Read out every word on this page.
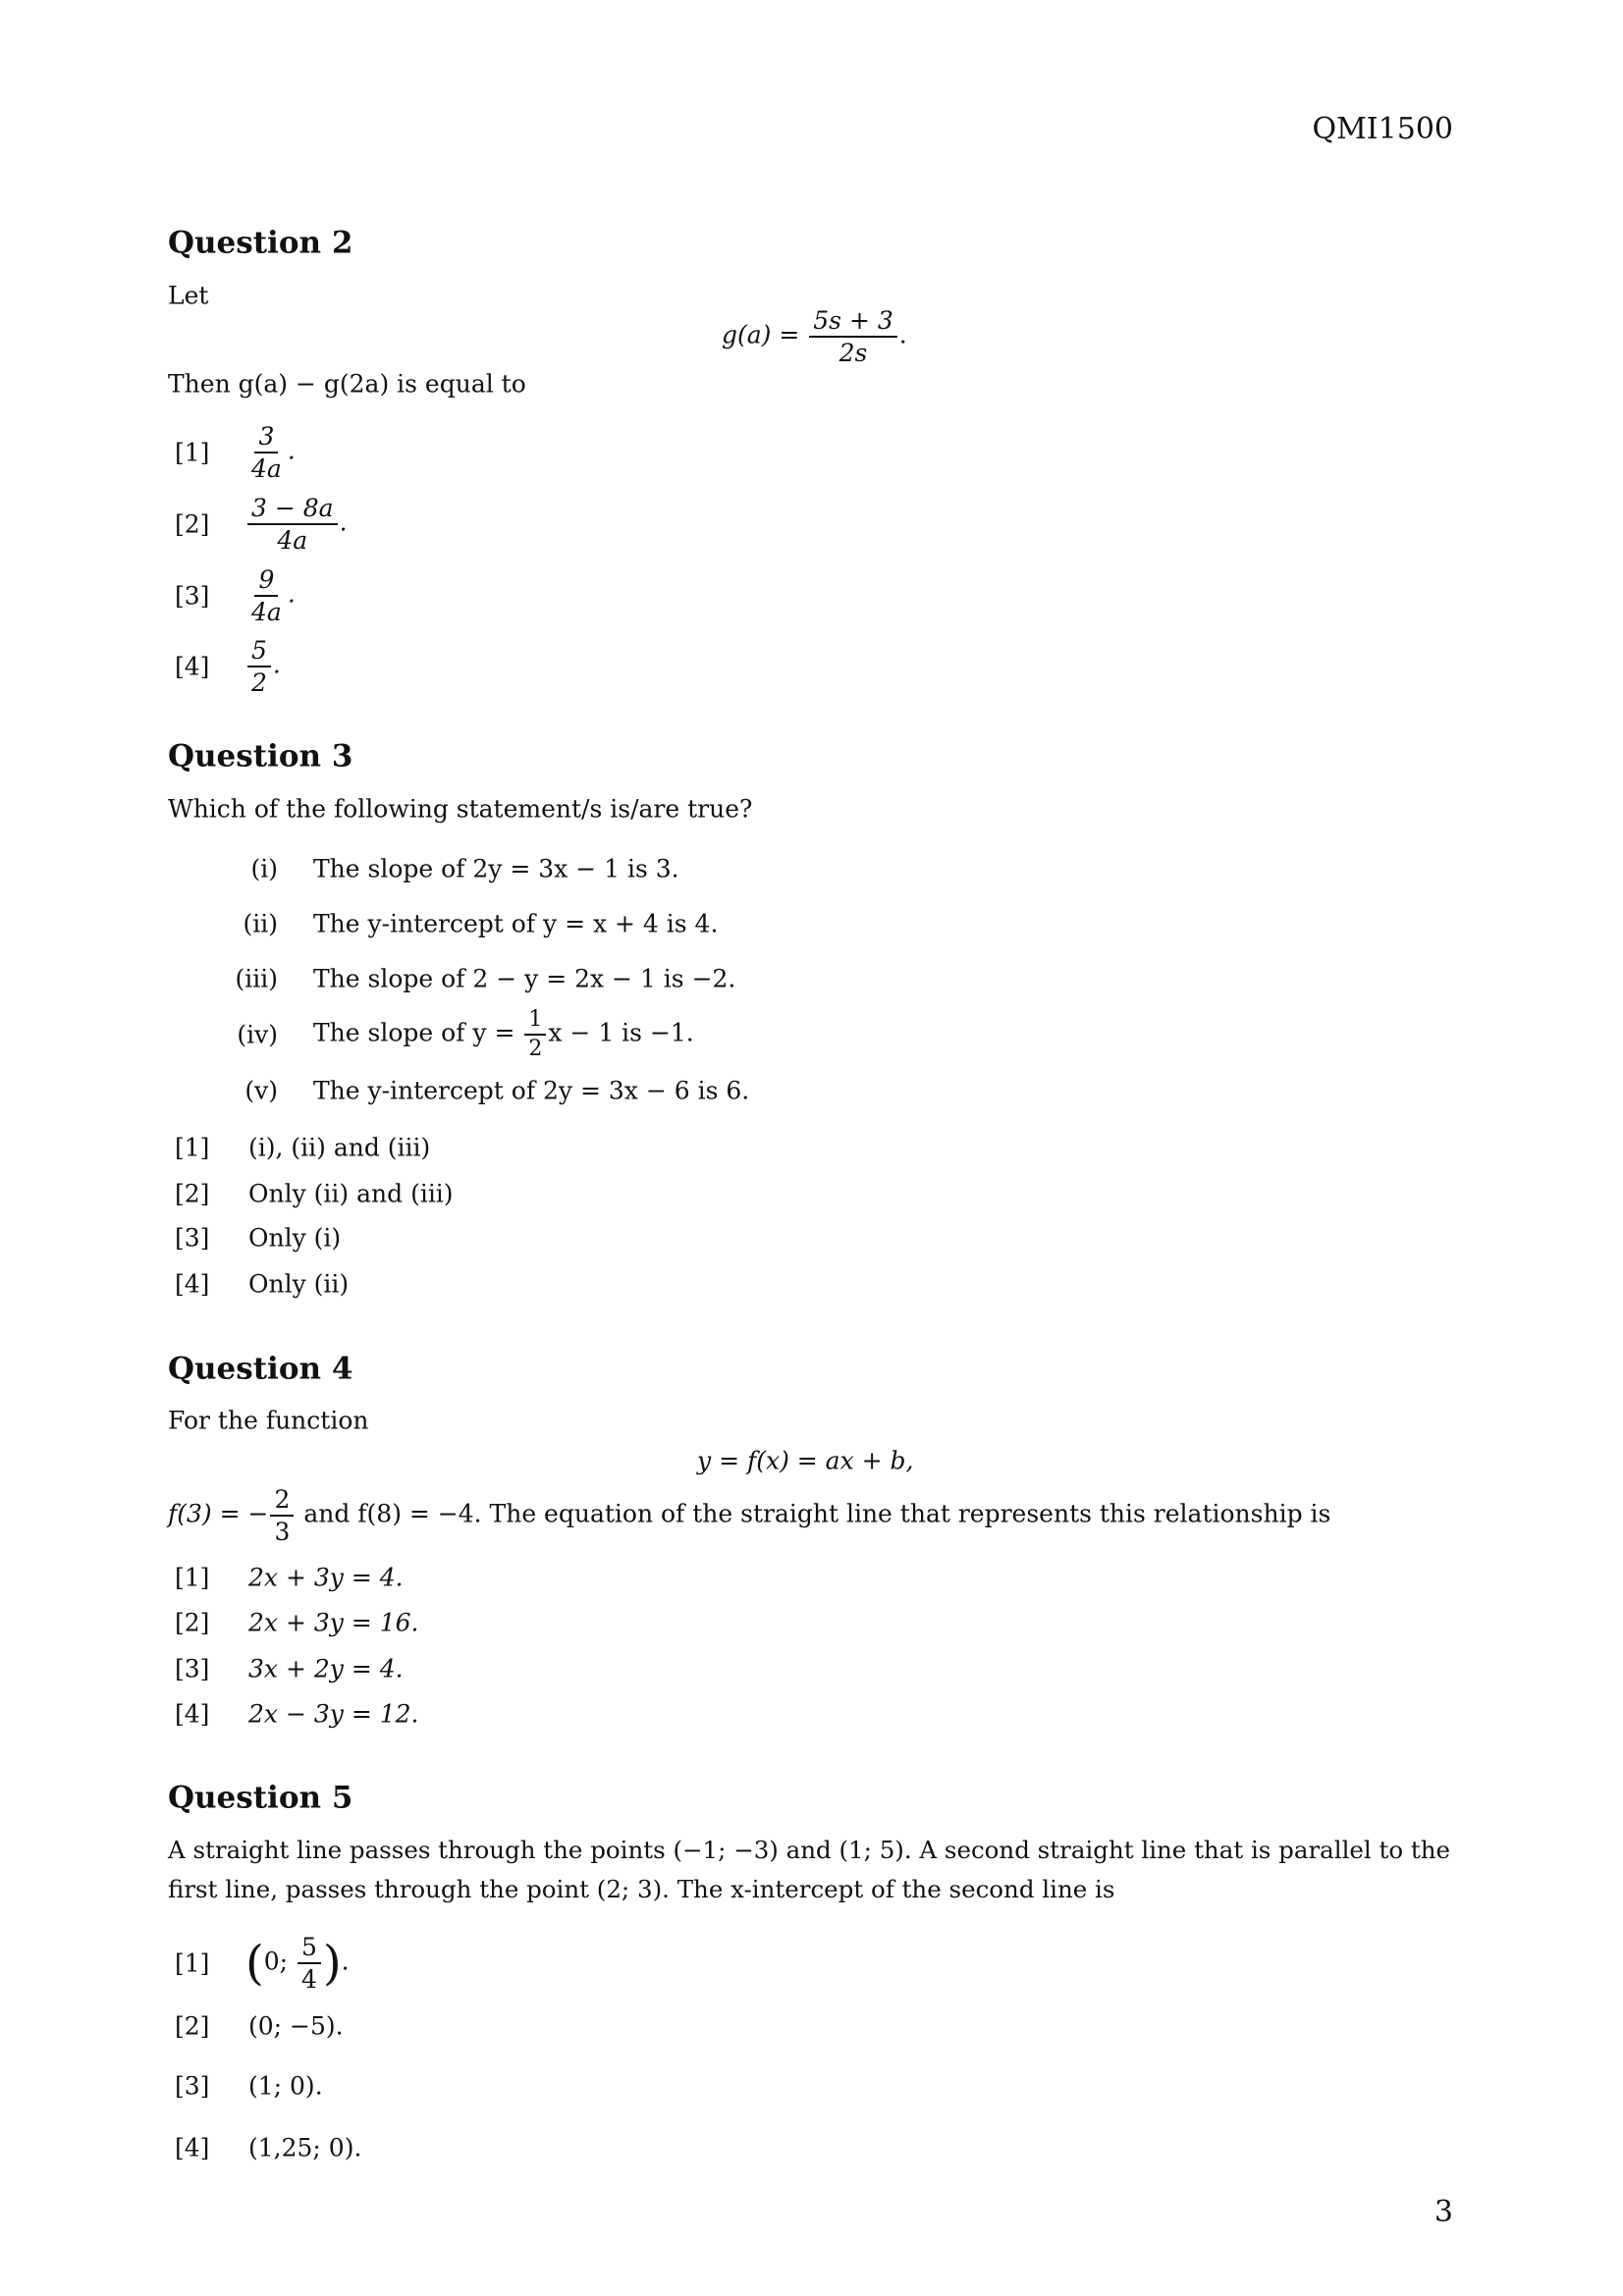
QMI1500
Question 2
Let
$g(a) = \frac{5s + 3}{2s}$ .
Then g(a) − g(2a) is equal to
$[1] \frac{3}{4a}$ .
$[2] \frac{3 - 8a}{4a}$ .
$[3] \frac{9}{4a}$ .
$[4] \frac{5}{2}$ .
Question 3
Which of the following statement/s is/are true?
(i) The slope of 2y = 3x − 1 is 3.
(ii) The y-intercept of y = x + 4 is 4.
(iii) The slope of 2 − y = 2x − 1 is −2.
(iv) The slope of $y = \frac{1}{2}$ x − 1 is −1.
(v) The y-intercept of 2y = 3x − 6 is 6.
[1] (i), (ii) and (iii)
[2] Only (ii) and (iii)
[3] Only (i)
[4] Only (ii)
Question 4
For the function
y = f(x) = ax + b,
f(3) = − $\frac{2}{3}$ and f(8) = −4. The equation of the straight line that represents this relationship is
[1] 2x + 3y = 4.
[2] 2x + 3y = 16.
[3] 3x + 2y = 4.
[4] 2x − 3y = 12.
Question 5
A straight line passes through the points (−1; −3) and (1; 5). A second straight line that is parallel to the
first line, passes through the point (2; 3). The x-intercept of the second line is
[1] (0; $\frac{5}{4}$ ).
[2] (0; −5).
[3] (1; 0).
[4] (1,25; 0).
3
